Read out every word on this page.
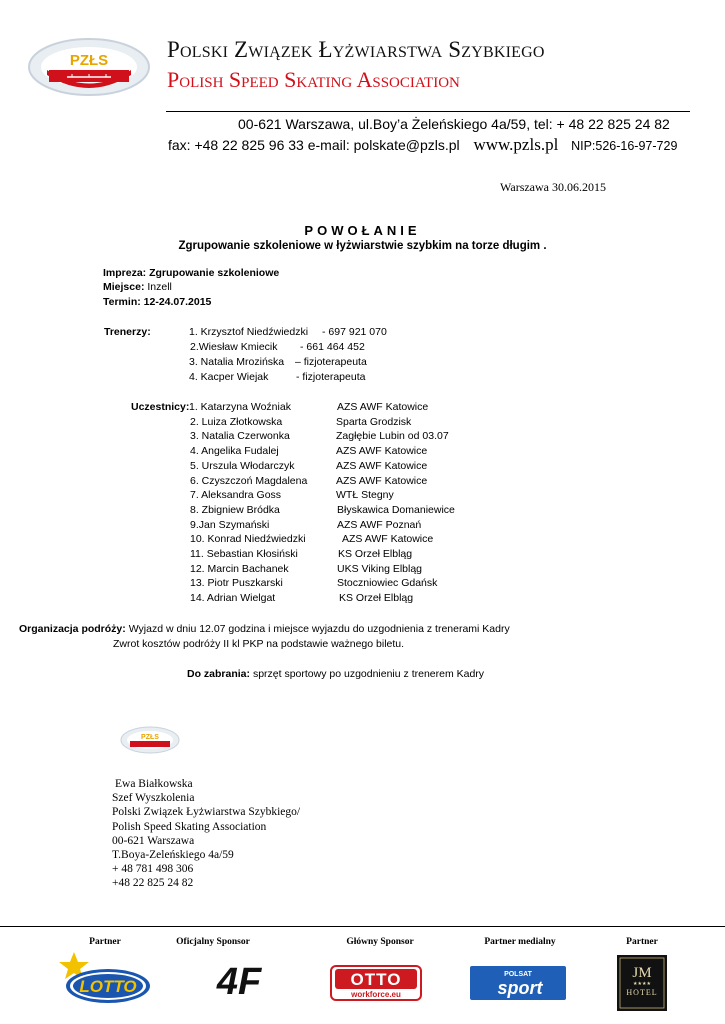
PZŁS	Polski Związek Łyżwiarstwa Szybkiego
Polish Speed Skating Association
00-621 Warszawa, ul.Boy’a Żeleńskiego 4a/59, tel: + 48 22 825 24 82
fax: +48 22 825 96 33 e-mail: polskate@pzls.pl www.pzls.pl NIP:526-16-97-729
Warszawa 30.06.2015
POWOŁANIE
Zgrupowanie szkoleniowe w łyżwiarstwie szybkim na torze długim .
Impreza: Zgrupowanie szkoleniowe
Miejsce: Inzell
Termin: 12-24.07.2015
Trenerzy:	1. Krzysztof Niedźwiedzki - 697 921 070
2.Wiesław Kmiecik - 661 464 452
3. Natalia Mrozińska – fizjoterapeuta
4. Kacper Wiejak	- fizjoterapeuta
Uczestnicy: 1. Katarzyna Woźniak	AZS AWF Katowice
2. Luiza Złotkowska	Sparta Grodzisk
3. Natalia Czerwonka	Zagłębie Lubin od 03.07
4. Angelika Fudalej	AZS AWF Katowice
5. Urszula Włodarczyk	AZS AWF Katowice
6. Czyszczoń Magdalena	AZS AWF Katowice
7. Aleksandra Goss	WTŁ Stegny
8. Zbigniew Bródka	Błyskawica Domaniewice
9.Jan Szymański	AZS AWF Poznań
10. Konrad Niedźwiedzki	AZS AWF Katowice
11. Sebastian Kłosiński	KS Orzeł Elbląg
12. Marcin Bachanek	UKS Viking Elbląg
13. Piotr Puszkarski	Stoczniowiec Gdańsk
14. Adrian Wielgat	KS Orzeł Elbląg
Organizacja podróży: Wyjazd w dniu 12.07 godzina i miejsce wyjazdu do uzgodnienia z trenerami Kadry
Zwrot kosztów podróży II kl PKP na podstawie ważnego biletu.
Do zabrania: sprzęt sportowy po uzgodnieniu z trenerem Kadry
PZŁS
Ewa Białkowska
Szef Wyszkolenia
Polski Związek Łyżwiarstwa Szybkiego/
Polish Speed Skating Association
00-621 Warszawa
T.Boya-Zeleńskiego 4a/59
+ 48 781 498 306
+48 22 825 24 82
Partner	Oficjalny Sponsor	Główny Sponsor	Partner medialny	Partner
LOTTO 4F	OTTO
workforce.eu
POLSAT
sport
JM
★★★★
HOTEL
